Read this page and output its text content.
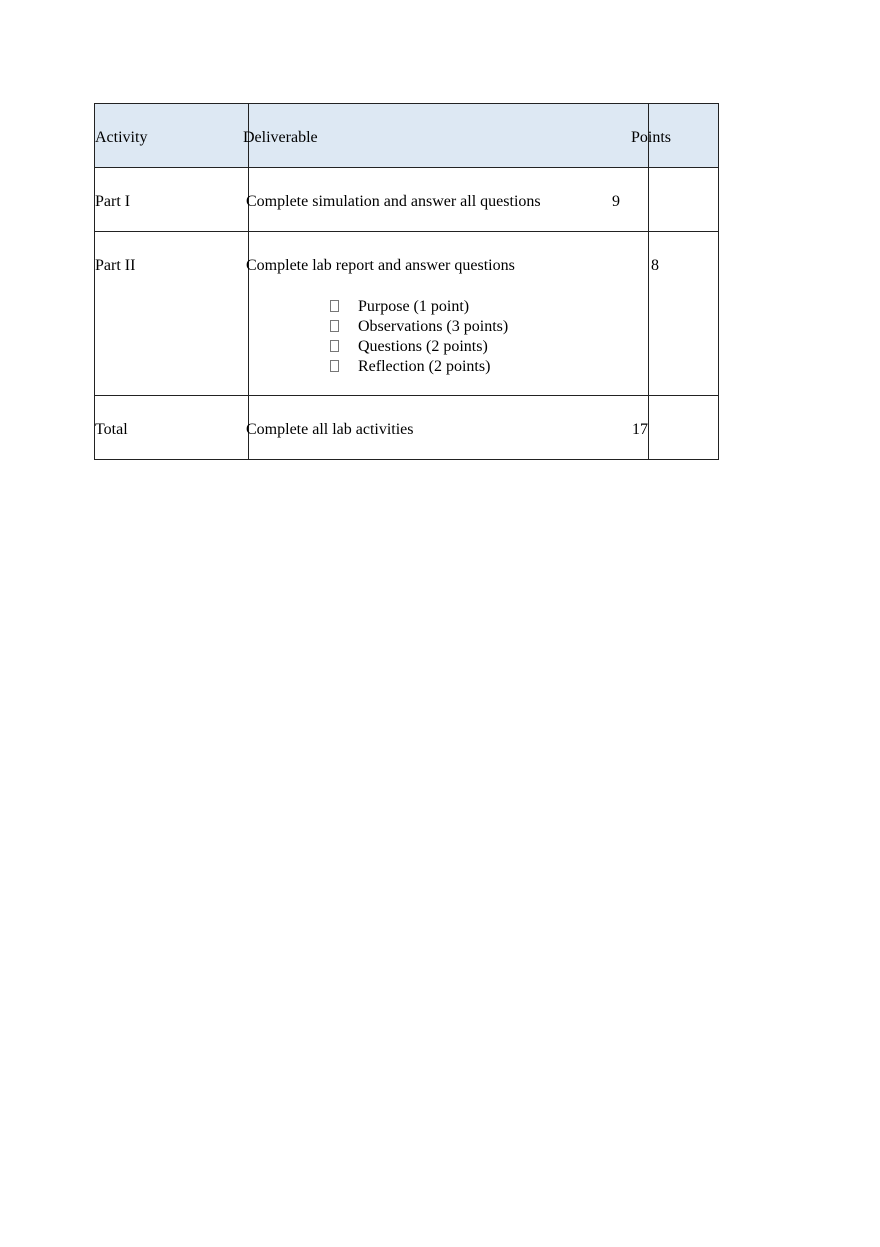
Activity	Deliverable	Points
Part I	Complete simulation and answer all questions	9
Part II	Complete lab report and answer questions	8
Purpose (1 point)
Observations (3 points)
Questions (2 points)
Reflection (2 points)
Total	Complete all lab activities	17
